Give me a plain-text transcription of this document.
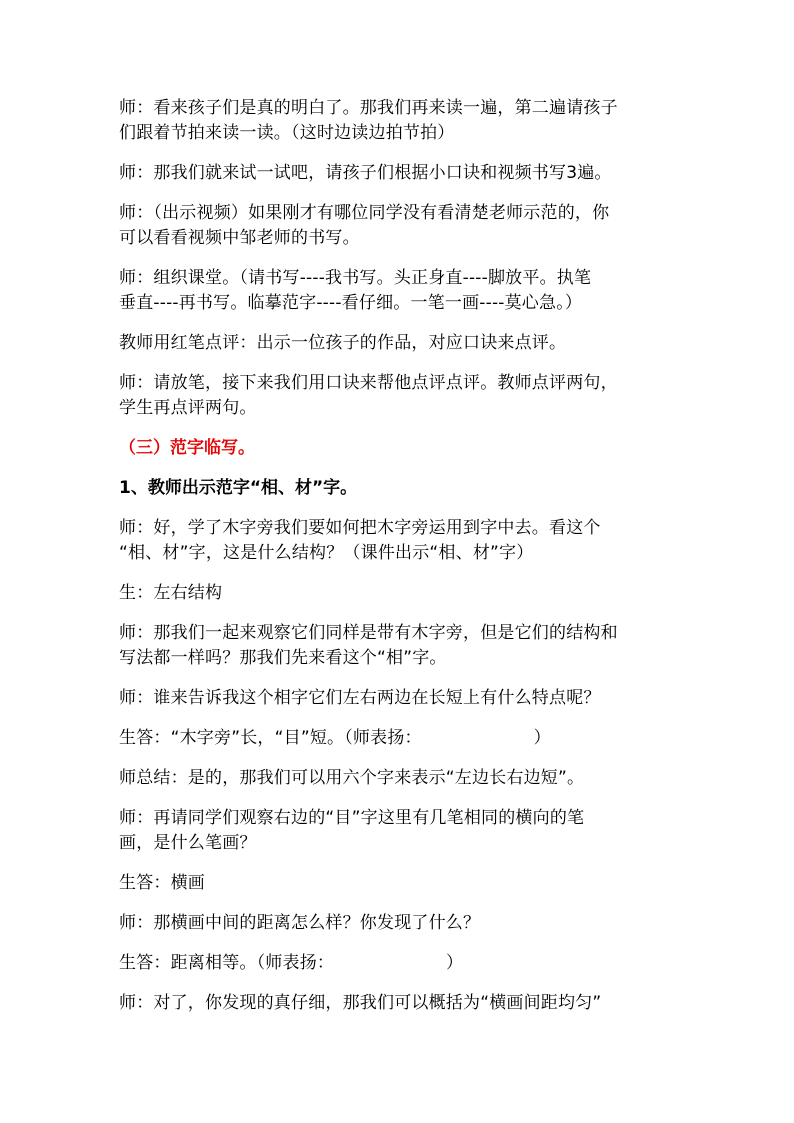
师：看来孩子们是真的明白了。那我们再来读一遍，第二遍请孩子
们跟着节拍来读一读。（这时边读边拍节拍）

师：那我们就来试一试吧，请孩子们根据小口诀和视频书写3遍。

师：（出示视频）如果刚才有哪位同学没有看清楚老师示范的，你
可以看看视频中邹老师的书写。

师：组织课堂。（请书写----我书写。头正身直----脚放平。执笔
垂直----再书写。临摹范字----看仔细。一笔一画----莫心急。）

教师用红笔点评：出示一位孩子的作品，对应口诀来点评。

师：请放笔，接下来我们用口诀来帮他点评点评。教师点评两句，
学生再点评两句。

（三）范字临写。

1、教师出示范字“相、材”字。

师：好，学了木字旁我们要如何把木字旁运用到字中去。看这个
“相、材”字，这是什么结构？（课件出示“相、材”字）

生：左右结构

师：那我们一起来观察它们同样是带有木字旁，但是它们的结构和
写法都一样吗？那我们先来看这个“相”字。

师：谁来告诉我这个相字它们左右两边在长短上有什么特点呢？

生答：“木字旁”长，“目”短。（师表扬：　　　　　　　）

师总结：是的，那我们可以用六个字来表示“左边长右边短”。

师：再请同学们观察右边的“目”字这里有几笔相同的横向的笔
画，是什么笔画？

生答：横画

师：那横画中间的距离怎么样？你发现了什么？

生答：距离相等。（师表扬：　　　　　　　）

师：对了，你发现的真仔细，那我们可以概括为“横画间距均匀”
